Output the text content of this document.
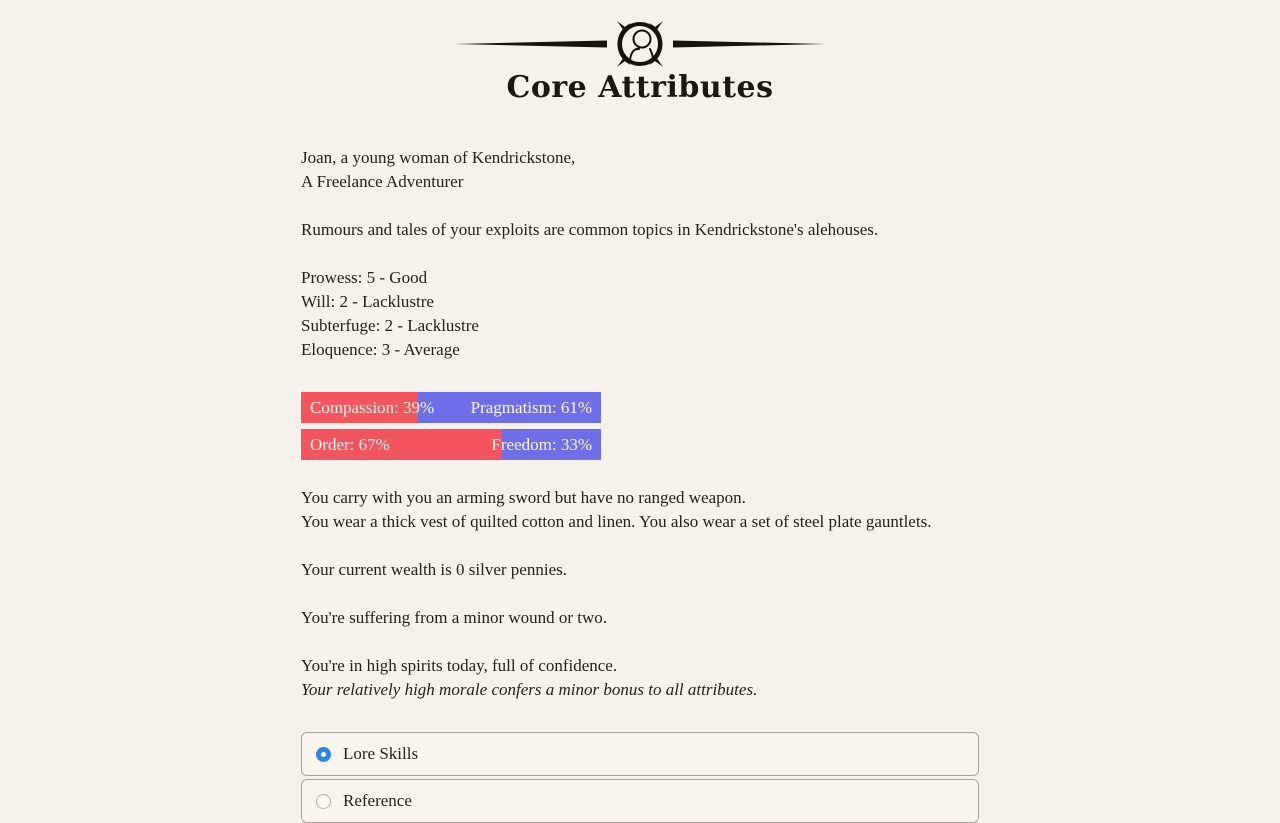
Core Attributes

Joan, a young woman of Kendrickstone,
A Freelance Adventurer

Rumours and tales of your exploits are common topics in Kendrickstone's alehouses.

Prowess: 5 - Good
Will: 2 - Lacklustre
Subterfuge: 2 - Lacklustre
Eloquence: 3 - Average

Compassion: 39% Pragmatism: 61%
Order: 67%	Freedom: 33%

You carry with you an arming sword but have no ranged weapon.
You wear a thick vest of quilted cotton and linen. You also wear a set of steel plate gauntlets.

Your current wealth is 0 silver pennies.

You're suffering from a minor wound or two.

You're in high spirits today, full of confidence.
Your relatively high morale confers a minor bonus to all attributes.

Lore Skills
Reference
